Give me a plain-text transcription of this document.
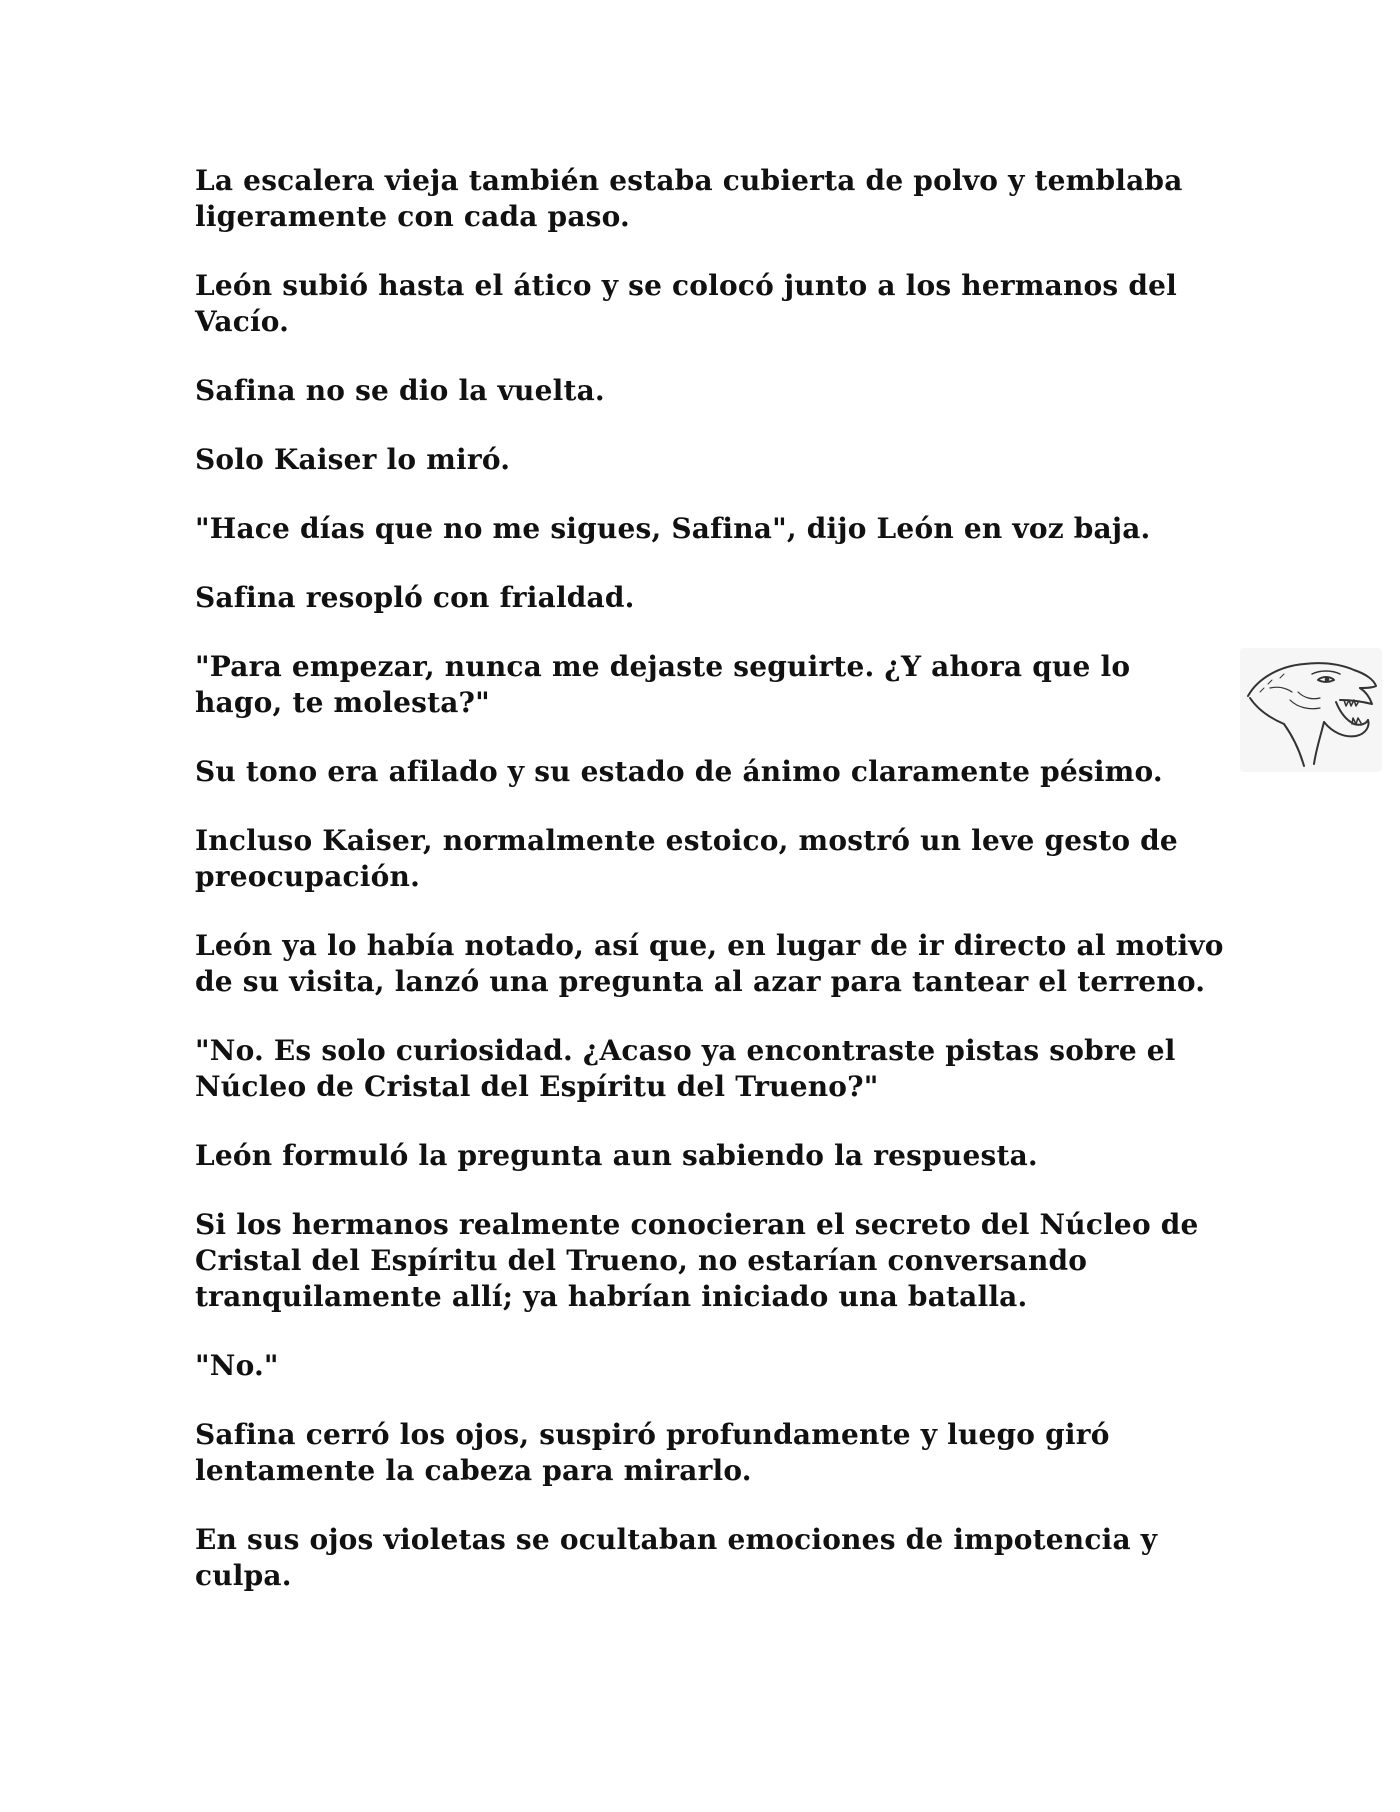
La escalera vieja también estaba cubierta de polvo y temblaba ligeramente con cada paso.

León subió hasta el ático y se colocó junto a los hermanos del Vacío.

Safina no se dio la vuelta.

Solo Kaiser lo miró.

"Hace días que no me sigues, Safina", dijo León en voz baja.

Safina resopló con frialdad.

"Para empezar, nunca me dejaste seguirte. ¿Y ahora que lo hago, te molesta?"

Su tono era afilado y su estado de ánimo claramente pésimo.

Incluso Kaiser, normalmente estoico, mostró un leve gesto de preocupación.

León ya lo había notado, así que, en lugar de ir directo al motivo de su visita, lanzó una pregunta al azar para tantear el terreno.

"No. Es solo curiosidad. ¿Acaso ya encontraste pistas sobre el Núcleo de Cristal del Espíritu del Trueno?"

León formuló la pregunta aun sabiendo la respuesta.

Si los hermanos realmente conocieran el secreto del Núcleo de Cristal del Espíritu del Trueno, no estarían conversando tranquilamente allí; ya habrían iniciado una batalla.

"No."

Safina cerró los ojos, suspiró profundamente y luego giró lentamente la cabeza para mirarlo.

En sus ojos violetas se ocultaban emociones de impotencia y culpa.
